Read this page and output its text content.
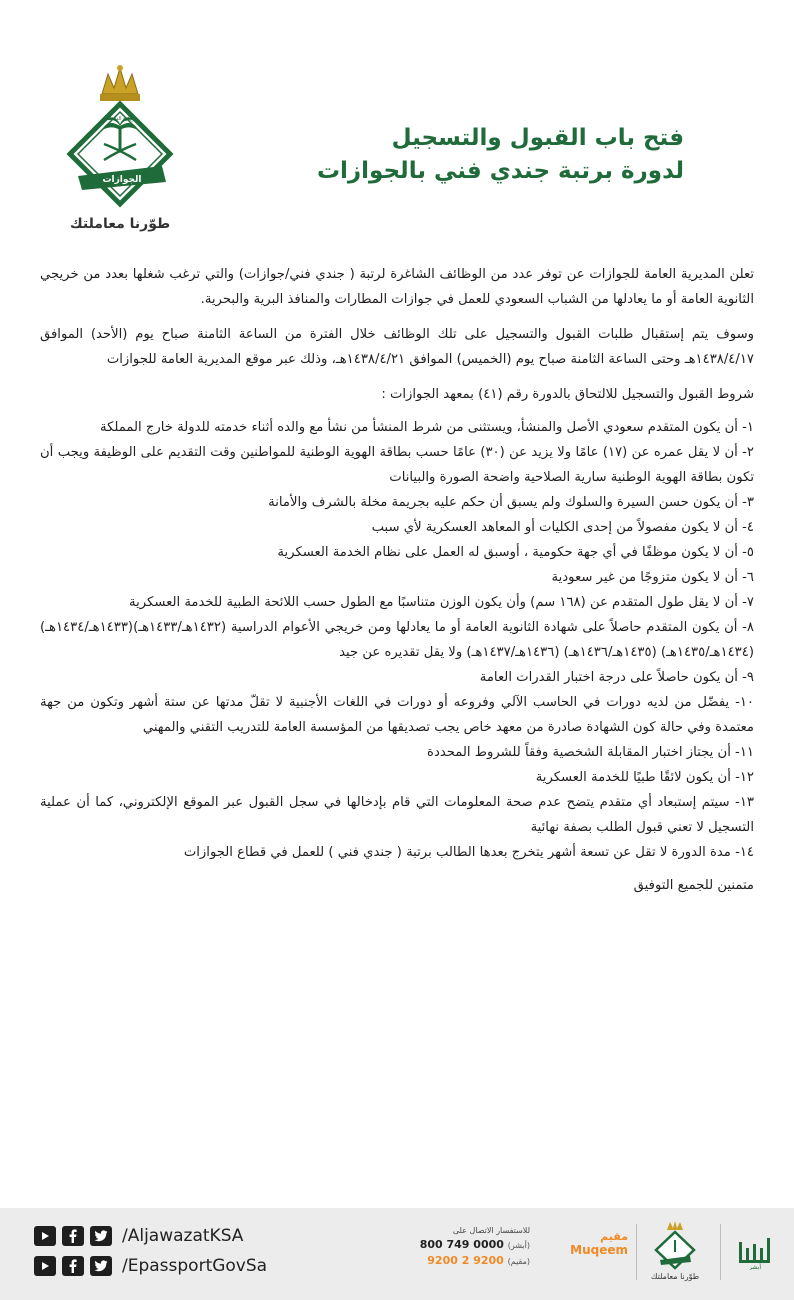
الجوازات
وزارة الداخلية
طوّرنا معاملتك
فتح باب القبول والتسجيل
لدورة برتبة جندي فني بالجوازات

تعلن المديرية العامة للجوازات عن توفر عدد من الوظائف الشاغرة لرتبة ( جندي فني/جوازات) والتي ترغب شغلها بعدد من خريجي الثانوية العامة أو ما يعادلها من الشباب السعودي للعمل في جوازات المطارات والمنافذ البرية والبحرية.

وسوف يتم إستقبال طلبات القبول والتسجيل على تلك الوظائف خلال الفترة من الساعة الثامنة صباح يوم (الأحد) الموافق ١٤٣٨/٤/١٧هـ وحتى الساعة الثامنة صباح يوم (الخميس) الموافق ١٤٣٨/٤/٢١هـ، وذلك عبر موقع المديرية العامة للجوازات

شروط القبول والتسجيل للالتحاق بالدورة رقم (٤١) بمعهد الجوازات :

١- أن يكون المتقدم سعودي الأصل والمنشأ، ويستثنى من شرط المنشأ من نشأ مع والده أثناء خدمته للدولة خارج المملكة

٢- أن لا يقل عمره عن (١٧) عامًا ولا يزيد عن (٣٠) عامًا حسب بطاقة الهوية الوطنية للمواطنين وقت التقديم على الوظيفة ويجب أن تكون بطاقة الهوية الوطنية سارية الصلاحية واضحة الصورة والبيانات

٣- أن يكون حسن السيرة والسلوك ولم يسبق أن حكم عليه بجريمة مخلة بالشرف والأمانة

٤- أن لا يكون مفصولاً من إحدى الكليات أو المعاهد العسكرية لأي سبب

٥- أن لا يكون موظفًا في أي جهة حكومية ، أوسبق له العمل على نظام الخدمة العسكرية

٦- أن لا يكون متزوجًا من غير سعودية

٧- أن لا يقل طول المتقدم عن (١٦٨ سم) وأن يكون الوزن متناسبًا مع الطول حسب اللائحة الطبية للخدمة العسكرية

٨- أن يكون المتقدم حاصلاً على شهادة الثانوية العامة أو ما يعادلها ومن خريجي الأعوام الدراسية (١٤٣٢هـ/١٤٣٣هـ)(١٤٣٣هـ/١٤٣٤هـ)(١٤٣٤هـ/١٤٣٥هـ) (١٤٣٥هـ/١٤٣٦هـ) (١٤٣٦هـ/١٤٣٧هـ) ولا يقل تقديره عن جيد

٩- أن يكون حاصلاً على درجة اختبار القدرات العامة

١٠- يفضّل من لديه دورات في الحاسب الآلي وفروعه أو دورات في اللغات الأجنبية لا تقلّ مدتها عن ستة أشهر وتكون من جهة معتمدة وفي حالة كون الشهادة صادرة من معهد خاص يجب تصديقها من المؤسسة العامة للتدريب التقني والمهني

١١- أن يجتاز اختبار المقابلة الشخصية وفقاً للشروط المحددة

١٢- أن يكون لائقًا طبيًا للخدمة العسكرية

١٣- سيتم إستبعاد أي متقدم يتضح عدم صحة المعلومات التي قام بإدخالها في سجل القبول عبر الموقع الإلكتروني، كما أن عملية التسجيل لا تعني قبول الطلب بصفة نهائية

١٤- مدة الدورة لا تقل عن تسعة أشهر يتخرج بعدها الطالب برتبة ( جندي فني ) للعمل في قطاع الجوازات

متمنين للجميع التوفيق

/AljawazatKSA
/EpassportGovSa
للاستفسار الاتصال على
800 749 0000 (أبشر)
9200 2 9200 (مقيم)
مقيم
Muqeem
طوّرنا معاملتك
أبشر
